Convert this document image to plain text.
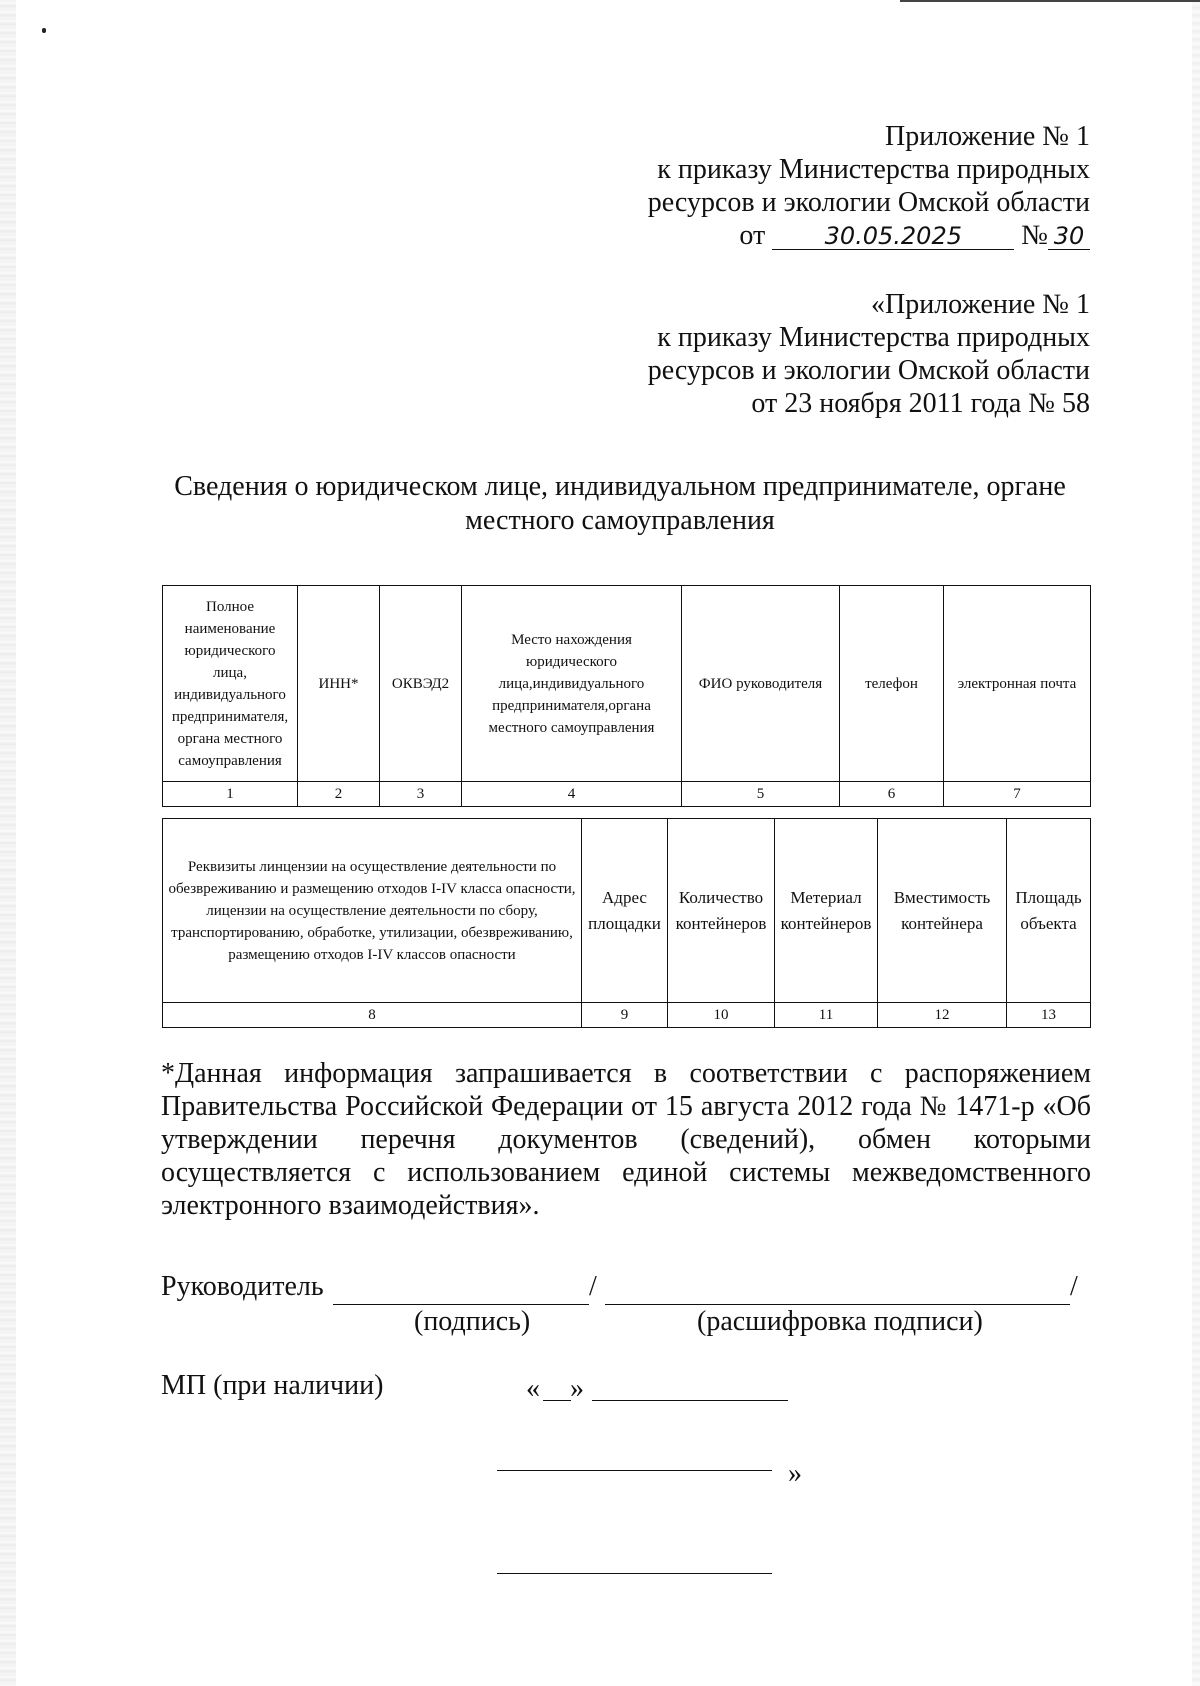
Приложение № 1
к приказу Министерства природных
ресурсов и экологии Омской области
от 30.05.2025 № 30
«Приложение № 1
к приказу Министерства природных
ресурсов и экологии Омской области
от 23 ноября 2011 года № 58
Сведения о юридическом лице, индивидуальном предпринимателе, органе
местного самоуправления
Полное наименование юридического лица, индивидуального предпринимателя, органа местного самоуправления	ИНН*	ОКВЭД2	Место нахождения юридического лица,индивидуального предпринимателя,органа местного самоуправления	ФИО руководителя	телефон	электронная почта
1	2	3	4	5	6	7
Реквизиты линцензии на осуществление деятельности по обезвреживанию и размещению отходов I-IV класса опасности, лицензии на осуществление деятельности по сбору, транспортированию, обработке, утилизации, обезвреживанию, размещению отходов I-IV классов опасности	Адрес площадки	Количество контейнеров	Метериал контейнеров	Вместимость контейнера	Площадь объекта
8	9	10	11	12	13
*Данная информация запрашивается в соответствии с распоряжением Правительства Российской Федерации от 15 августа 2012 года № 1471-р «Об утверждении перечня документов (сведений), обмен которыми осуществляется с использованием единой системы межведомственного электронного взаимодействия».
Руководитель	/	/
(подпись)	(расшифровка подписи)
МП (при наличии)	« »
»
